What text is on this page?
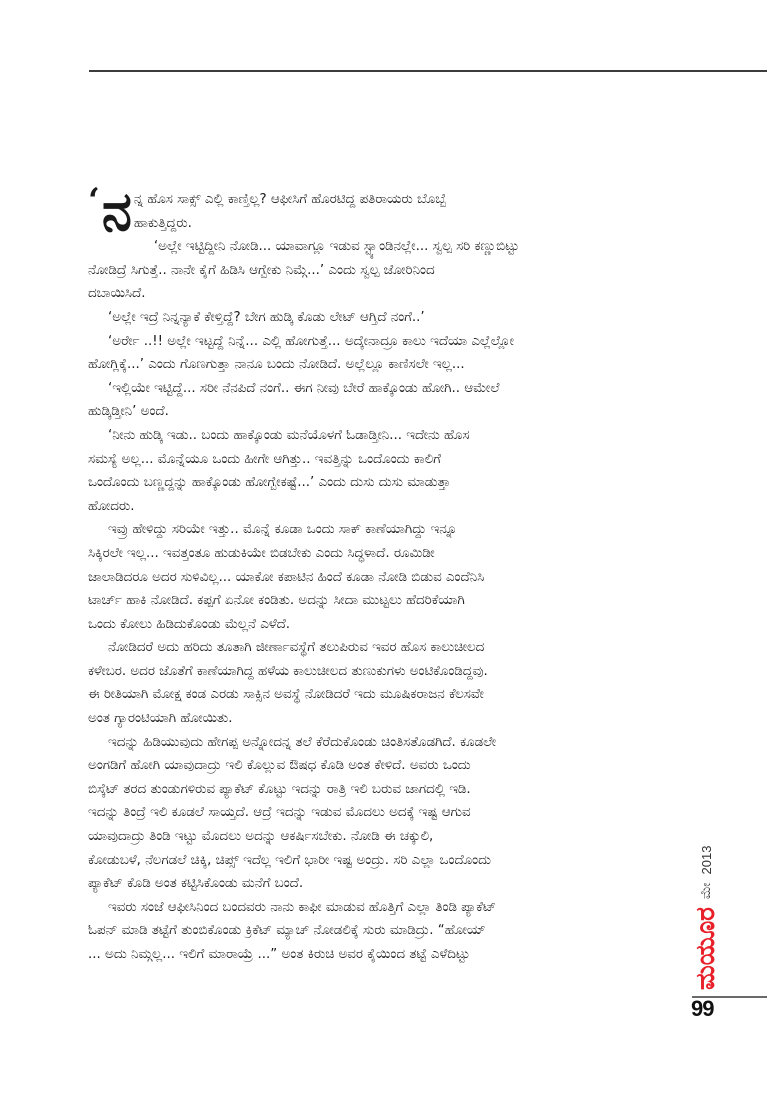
‘ ನ ನ್ನ ಹೊಸ ಸಾಕ್ಸ್ ಎಲ್ಲಿ ಕಾಣ್ತಿಲ್ಲ? ಆಫೀಸಿಗೆ ಹೊರಟಿದ್ದ ಪತಿರಾಯರು ಬೊಬ್ಬೆ
ಹಾಕುತ್ತಿದ್ದರು.

‘ಅಲ್ಲೇ ಇಟ್ಟಿದ್ದೀನಿ ನೋಡಿ... ಯಾವಾಗ್ಲೂ ಇಡುವ ಸ್ಟ್ಯಾಂಡಿನಲ್ಲೇ... ಸ್ವಲ್ಪ ಸರಿ ಕಣ್ಣುಬಿಟ್ಟು
ನೋಡಿದ್ರೆ ಸಿಗುತ್ತೆ.. ನಾನೇ ಕೈಗೆ ಹಿಡಿಸಿ ಆಗ್ಬೇಕು ನಿಮ್ಗೆ...’ ಎಂದು ಸ್ವಲ್ಪ ಜೋರಿನಿಂದ
ದಬಾಯಿಸಿದೆ.

‘ಅಲ್ಲೇ ಇದ್ರೆ ನಿನ್ನನ್ಯಾಕೆ ಕೇಳ್ತಿದ್ದೆ? ಬೇಗ ಹುಡ್ಕಿ ಕೊಡು ಲೇಟ್ ಆಗ್ತಿದೆ ನಂಗೆ..’

‘ಅರ್ರೇ ..!! ಅಲ್ಲೇ ಇಟ್ಟದ್ದೆ ನಿನ್ನೆ... ಎಲ್ಲಿ ಹೋಗುತ್ತೆ... ಅದ್ಕೇನಾದ್ರೂ ಕಾಲು ಇದೆಯಾ ಎಲ್ಲೆಲ್ಲೋ
ಹೋಗ್ಲಿಕ್ಕೆ...’ ಎಂದು ಗೊಣಗುತ್ತಾ ನಾನೂ ಬಂದು ನೋಡಿದೆ. ಅಲ್ಲೆಲ್ಲೂ ಕಾಣಿಸಲೇ ಇಲ್ಲ...

‘ಇಲ್ಲಿಯೇ ಇಟ್ಟಿದ್ದೆ... ಸರೀ ನೆನಪಿದೆ ನಂಗೆ.. ಈಗ ನೀವು ಬೇರೆ ಹಾಕ್ಕೊಂಡು ಹೋಗಿ.. ಆಮೇಲೆ
ಹುಡ್ಕಿಡ್ತೀನಿ’ ಅಂದೆ.

‘ನೀನು ಹುಡ್ಕಿ ಇಡು.. ಬಂದು ಹಾಕ್ಕೊಂಡು ಮನೆಯೊಳಗೆ ಓಡಾಡ್ತೀನಿ... ಇದೇನು ಹೊಸ
ಸಮಸ್ಯೆ ಅಲ್ಲ... ಮೊನ್ನೆಯೂ ಒಂದು ಹೀಗೇ ಆಗಿತ್ತು.. ಇವತ್ತಿನ್ನು ಒಂದೊಂದು ಕಾಲಿಗೆ
ಒಂದೊಂದು ಬಣ್ಣದ್ದನ್ನು ಹಾಕ್ಕೊಂಡು ಹೋಗ್ಬೇಕಷ್ಟೆ...’ ಎಂದು ದುಸು ದುಸು ಮಾಡುತ್ತಾ
ಹೋದರು.

ಇವ್ರು ಹೇಳಿದ್ದು ಸರಿಯೇ ಇತ್ತು.. ಮೊನ್ನೆ ಕೂಡಾ ಒಂದು ಸಾಕ್ ಕಾಣೆಯಾಗಿದ್ದು ಇನ್ನೂ
ಸಿಕ್ಕಿರಲೇ ಇಲ್ಲ... ಇವತ್ತಂತೂ ಹುಡುಕಿಯೇ ಬಿಡಬೇಕು ಎಂದು ಸಿದ್ಧಳಾದೆ. ರೂಮಿಡೀ
ಜಾಲಾಡಿದರೂ ಅದರ ಸುಳಿವಿಲ್ಲ... ಯಾಕೋ ಕಪಾಟಿನ ಹಿಂದೆ ಕೂಡಾ ನೋಡಿ ಬಿಡುವ ಎಂದೆನಿಸಿ
ಟಾರ್ಚ್ ಹಾಕಿ ನೋಡಿದೆ. ಕಪ್ಪಗೆ ಏನೋ ಕಂಡಿತು. ಅದನ್ನು ಸೀದಾ ಮುಟ್ಟಲು ಹೆದರಿಕೆಯಾಗಿ
ಒಂದು ಕೋಲು ಹಿಡಿದುಕೊಂಡು ಮೆಲ್ಲನೆ ಎಳೆದೆ.

ನೋಡಿದರೆ ಅದು ಹರಿದು ತೂತಾಗಿ ಜೀರ್ಣಾವಸ್ಥೆಗೆ ತಲುಪಿರುವ ಇವರ ಹೊಸ ಕಾಲುಚೀಲದ
ಕಳೇಬರ. ಅದರ ಜೊತೆಗೆ ಕಾಣೆಯಾಗಿದ್ದ ಹಳೆಯ ಕಾಲುಚೀಲದ ತುಣುಕುಗಳು ಅಂಟಿಕೊಂಡಿದ್ದವು.
ಈ ರೀತಿಯಾಗಿ ಮೋಕ್ಷ ಕಂಡ ಎರಡು ಸಾಕ್ಸಿನ ಅವಸ್ಥೆ ನೋಡಿದರೆ ಇದು ಮೂಷಿಕರಾಜನ ಕೆಲಸವೇ
ಅಂತ ಗ್ಯಾರಂಟಿಯಾಗಿ ಹೋಯಿತು.

ಇದನ್ನು ಹಿಡಿಯುವುದು ಹೇಗಪ್ಪ ಅನ್ನೋದನ್ನ ತಲೆ ಕೆರೆದುಕೊಂಡು ಚಿಂತಿಸತೊಡಗಿದೆ. ಕೂಡಲೇ
ಅಂಗಡಿಗೆ ಹೋಗಿ ಯಾವುದಾದ್ರು ಇಲಿ ಕೊಲ್ಲುವ ಔಷಧ ಕೊಡಿ ಅಂತ ಕೇಳಿದೆ. ಅವರು ಒಂದು
ಬಿಸ್ಕೆಟ್ ತರದ ತುಂಡುಗಳಿರುವ ಪ್ಯಾಕೆಟ್ ಕೊಟ್ಟು ಇದನ್ನು ರಾತ್ರಿ ಇಲಿ ಬರುವ ಜಾಗದಲ್ಲಿ ಇಡಿ.
ಇದನ್ನು ತಿಂದ್ರೆ ಇಲಿ ಕೂಡಲೆ ಸಾಯ್ತದೆ. ಆದ್ರೆ ಇದನ್ನು ಇಡುವ ಮೊದಲು ಅದಕ್ಕೆ ಇಷ್ಟ ಆಗುವ
ಯಾವುದಾದ್ರು ತಿಂಡಿ ಇಟ್ಟು ಮೊದಲು ಅದನ್ನು ಆಕರ್ಷಿಸಬೇಕು. ನೋಡಿ ಈ ಚಕ್ಕುಲಿ,
ಕೋಡುಬಳೆ, ನೆಲಗಡಲೆ ಚಿಕ್ಕಿ, ಚಿಪ್ಸ್ ಇದೆಲ್ಲ ಇಲಿಗೆ ಭಾರೀ ಇಷ್ಟ ಅಂದ್ರು. ಸರಿ ಎಲ್ಲಾ ಒಂದೊಂದು
ಪ್ಯಾಕೆಟ್ ಕೊಡಿ ಅಂತ ಕಟ್ಟಿಸಿಕೊಂಡು ಮನೆಗೆ ಬಂದೆ.

ಇವರು ಸಂಜೆ ಆಫೀಸಿನಿಂದ ಬಂದವರು ನಾನು ಕಾಫೀ ಮಾಡುವ ಹೊತ್ತಿಗೆ ಎಲ್ಲಾ ತಿಂಡಿ ಪ್ಯಾಕೆಟ್
ಓಪನ್ ಮಾಡಿ ತಟ್ಟೆಗೆ ತುಂಬಿಕೊಂಡು ಕ್ರಿಕೆಟ್ ಮ್ಯಾಚ್ ನೋಡಲಿಕ್ಕೆ ಸುರು ಮಾಡಿದ್ರು. “ಹೋಯ್
... ಅದು ನಿಮ್ಗಲ್ಲ... ಇಲಿಗೆ ಮಾರಾಯ್ರೆ ...” ಅಂತ ಕಿರುಚಿ ಅವರ ಕೈಯಿಂದ ತಟ್ಟೆ ಎಳೆದಿಟ್ಟು	ಮಯೂರ
ಮೇ
2013
99
